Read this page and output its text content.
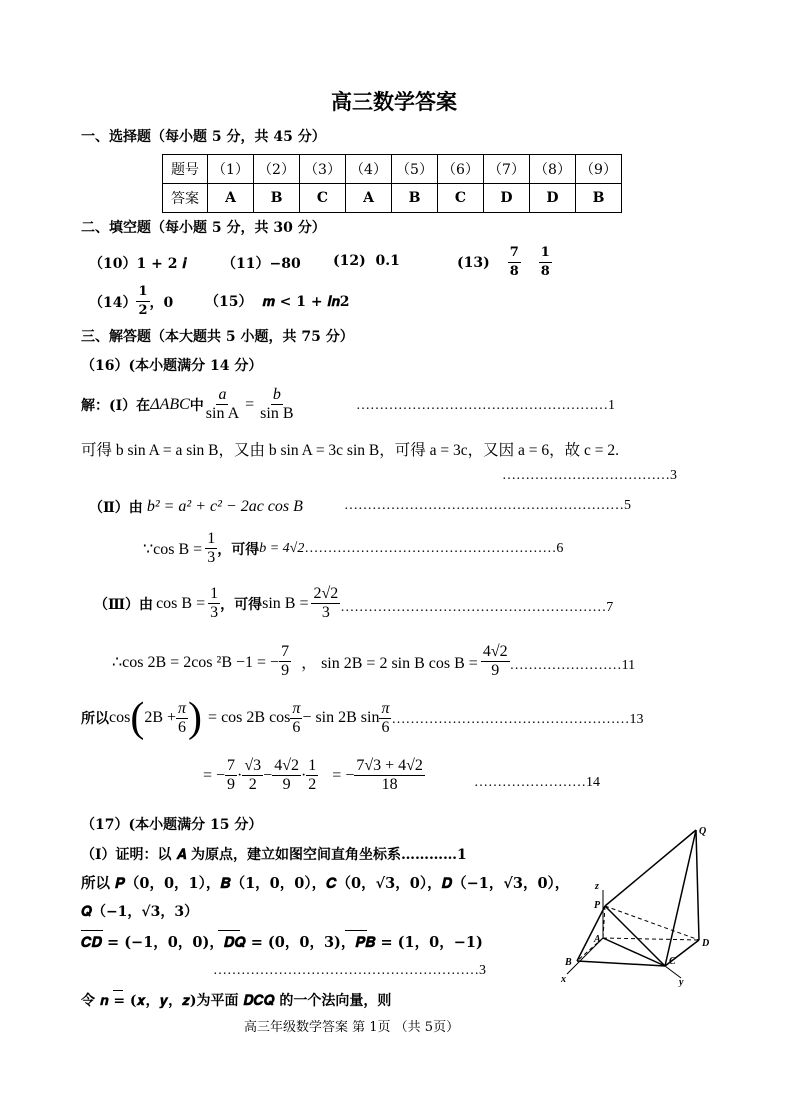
高三数学答案
一、选择题（每小题 5 分，共 45 分）
题号	（1）	（2）	（3）	（4）	（5）	（6）	（7）	（8）	（9）
答案	A	B	C	A	B	C	D	D	B
二、填空题（每小题 5 分，共 30 分）
（10）1 + 2 𝒊	（11）−80 (12) 0.1	$(13) \frac{7}{8} \frac{1}{8}$
$(14) \frac{1}{2}$ ，0 （15） 𝒎 < 1 + 𝒍𝒏2
三、解答题（本大题共 5 小题，共 75 分）
（16）(本小题满分 14 分）
解：(Ⅰ）在 ΔABC 中 $\frac{a}{\text{sin A}} = \frac{b}{\text{sin B}}$	………………………………………………1
可得 b sin A = a sin B，又由 b sin A = 3c sin B，可得 a = 3c，又因 a = 6，故 c = 2.
………………………………3
（Ⅱ）由 b² = a² + c² − 2ac cos B	……………………………………………………5
∵cos $B = \frac{1}{3}$ ，可得 b = 4√2 ………………………………………………6
（Ⅲ）由 $\cos B = \frac{1}{3}$ ，可得 $\sin B = \frac{2√2}{3}$ …………………………………………………7
∴cos 2B = 2cos ²B −1 = − $\frac{7}{9}$ ， sin 2B = 2 sin B $\cos B = \frac{4√2}{9}$ ……………………11
所以 cos ( $2B + \frac{\pi}{6}$ ) = cos 2B $\cos \frac{\pi}{6} - \sin 2B$ $\sin \frac{\pi}{6}$ ……………………………………………13
= − $\frac{7}{9} \cdot \frac{√3}{2} - \frac{4√2}{9} \cdot \frac{1}{2}$ = − $\frac{7√3 + 4√2}{18}$	……………………14
（17）(本小题满分 15 分）
（Ⅰ）证明：以 𝑨 为原点，建立如图空间直角坐标系…………1
所以 𝑷（0，0，1），𝑩（1，0，0），𝑪（0，√3，0），𝑫（−1，√3，0），
𝑸（−1，√3，3）
𝑪𝑫 = (−1，0，0)，𝑫𝑸 = (0，0，3)，𝑷𝑩 = (1，0，−1)
…………………………………………………3
令 𝒏 = (𝒙，𝒚，𝒛)为平面 𝑫𝑪𝑸 的一个法向量，则
Q
z
P
A	D
B	C
x	y
高三年级数学答案 第 1页 （共 5页）
